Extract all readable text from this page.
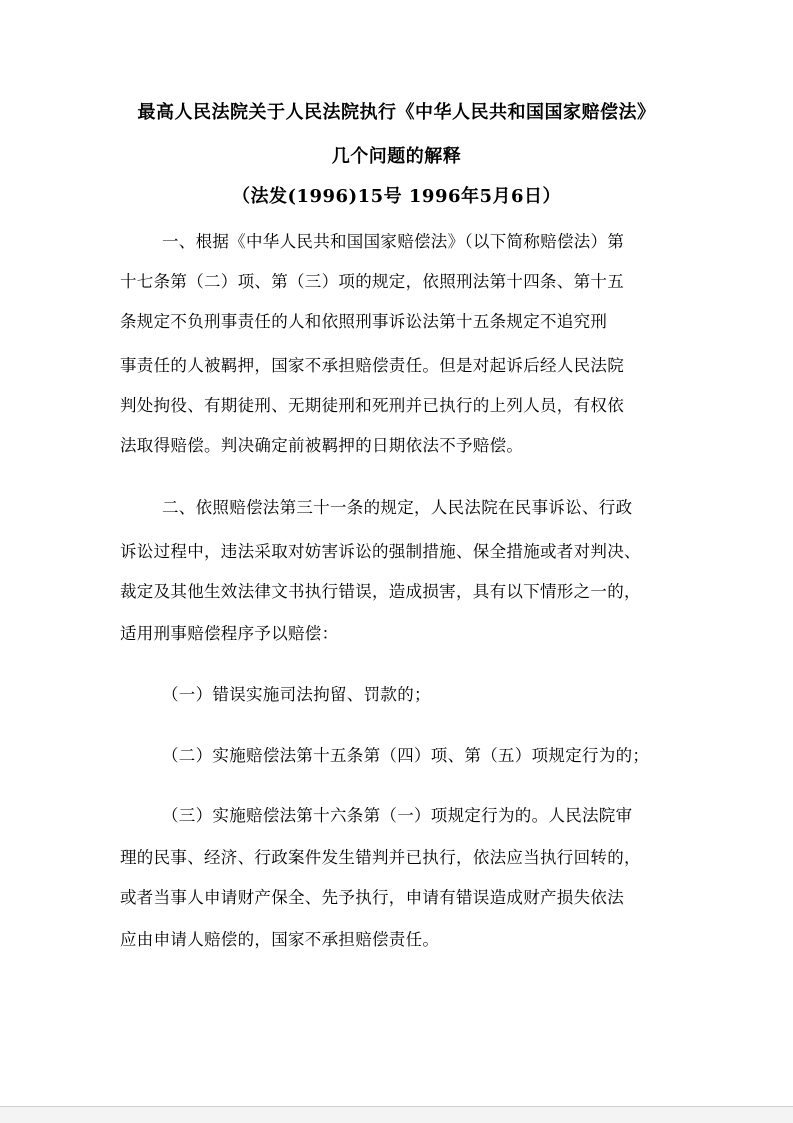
最高人民法院关于人民法院执行《中华人民共和国国家赔偿法》
几个问题的解释
（法发(1996)15号 1996年5月6日）
一、根据《中华人民共和国国家赔偿法》（以下简称赔偿法）第
十七条第（二）项、第（三）项的规定，依照刑法第十四条、第十五
条规定不负刑事责任的人和依照刑事诉讼法第十五条规定不追究刑
事责任的人被羁押，国家不承担赔偿责任。但是对起诉后经人民法院
判处拘役、有期徒刑、无期徒刑和死刑并已执行的上列人员，有权依
法取得赔偿。判决确定前被羁押的日期依法不予赔偿。
二、依照赔偿法第三十一条的规定，人民法院在民事诉讼、行政
诉讼过程中，违法采取对妨害诉讼的强制措施、保全措施或者对判决、
裁定及其他生效法律文书执行错误，造成损害，具有以下情形之一的，
适用刑事赔偿程序予以赔偿：
（一）错误实施司法拘留、罚款的；
（二）实施赔偿法第十五条第（四）项、第（五）项规定行为的；
（三）实施赔偿法第十六条第（一）项规定行为的。人民法院审
理的民事、经济、行政案件发生错判并已执行，依法应当执行回转的，
或者当事人申请财产保全、先予执行，申请有错误造成财产损失依法
应由申请人赔偿的，国家不承担赔偿责任。
